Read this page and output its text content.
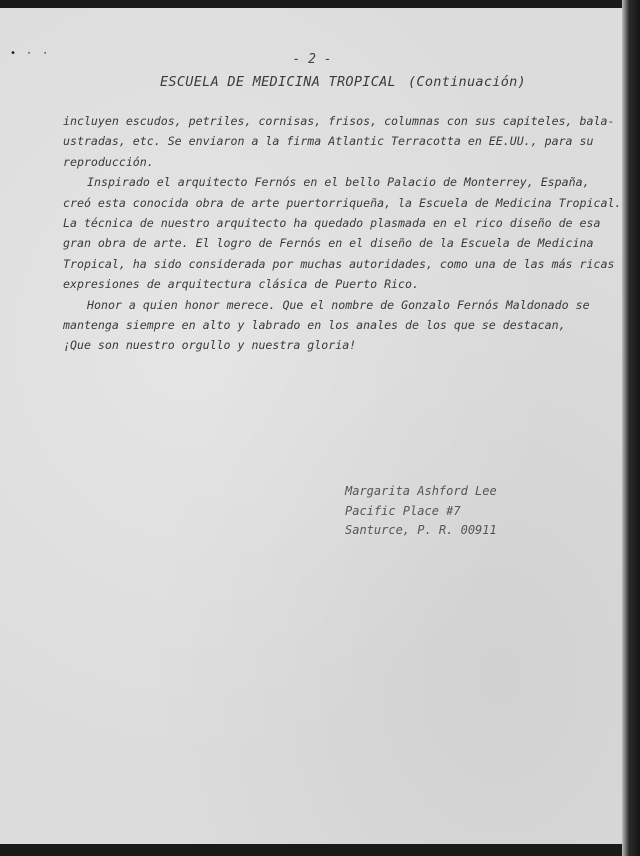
• · ·	- 2 -
ESCUELA DE MEDICINA TROPICAL (Continuación)

incluyen escudos, petriles, cornisas, frisos, columnas con sus capiteles, bala-
ustradas, etc. Se enviaron a la firma Atlantic Terracotta en EE.UU., para su
reproducción.

Inspirado el arquitecto Fernós en el bello Palacio de Monterrey, España,
creó esta conocida obra de arte puertorriqueña, la Escuela de Medicina Tropical.
La técnica de nuestro arquitecto ha quedado plasmada en el rico diseño de esa
gran obra de arte. El logro de Fernós en el diseño de la Escuela de Medicina
Tropical, ha sido considerada por muchas autoridades, como una de las más ricas
expresiones de arquitectura clásica de Puerto Rico.

Honor a quien honor merece. Que el nombre de Gonzalo Fernós Maldonado se
mantenga siempre en alto y labrado en los anales de los que se destacan,
¡Que son nuestro orgullo y nuestra gloria!

Margarita Ashford Lee
Pacific Place #7
Santurce, P. R. 00911
